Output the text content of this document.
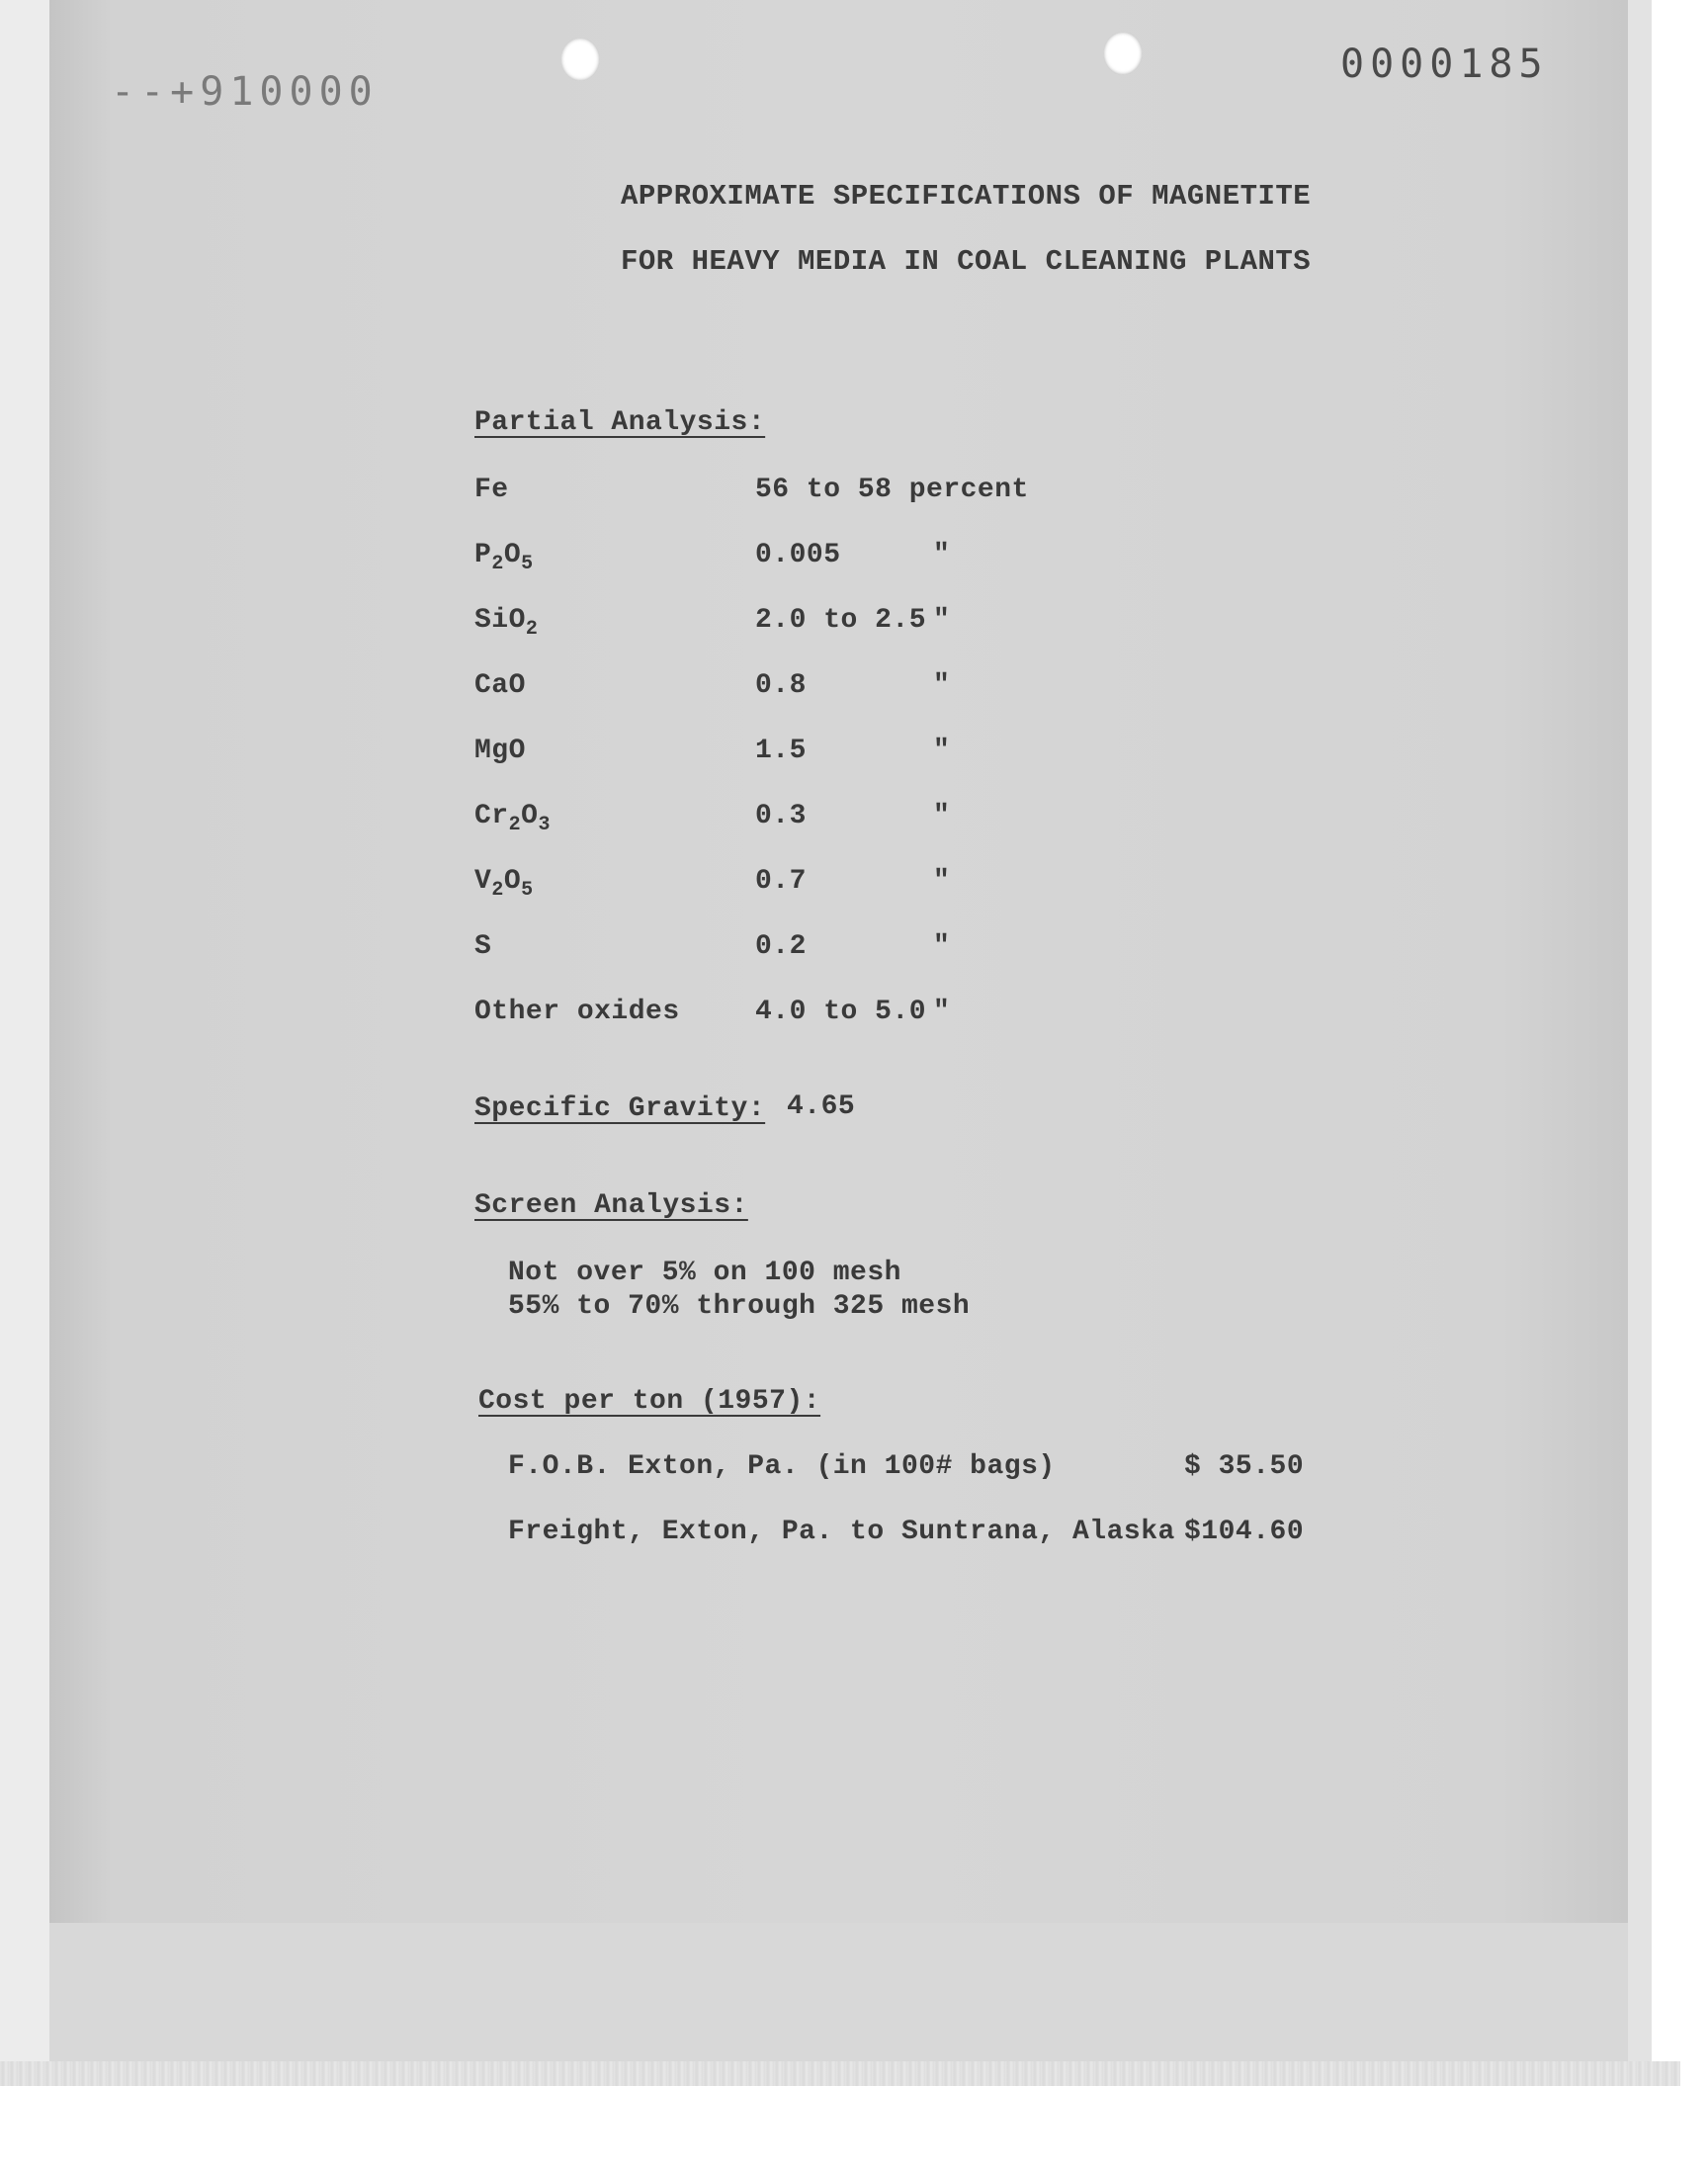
--+910000
0000185
APPROXIMATE SPECIFICATIONS OF MAGNETITE
FOR HEAVY MEDIA IN COAL CLEANING PLANTS
Partial Analysis:
Fe	56 to 58 percent
$P_2O_5$	0.005	"
SiO$_2$	2.0 to 2.5 "
CaO	0.8	"
MgO	1.5	"
$Cr_2O_3$	0.3	"
$V_2O_5$	0.7	"
S	0.2	"
Other oxides	4.0 to 5.0 "
Specific Gravity: 4.65
Screen Analysis:
Not over 5% on 100 mesh
55% to 70% through 325 mesh
Cost per ton (1957):
F.O.B. Exton, Pa. (in 100# bags)	$ 35.50
Freight, Exton, Pa. to Suntrana, Alaska $104.60
